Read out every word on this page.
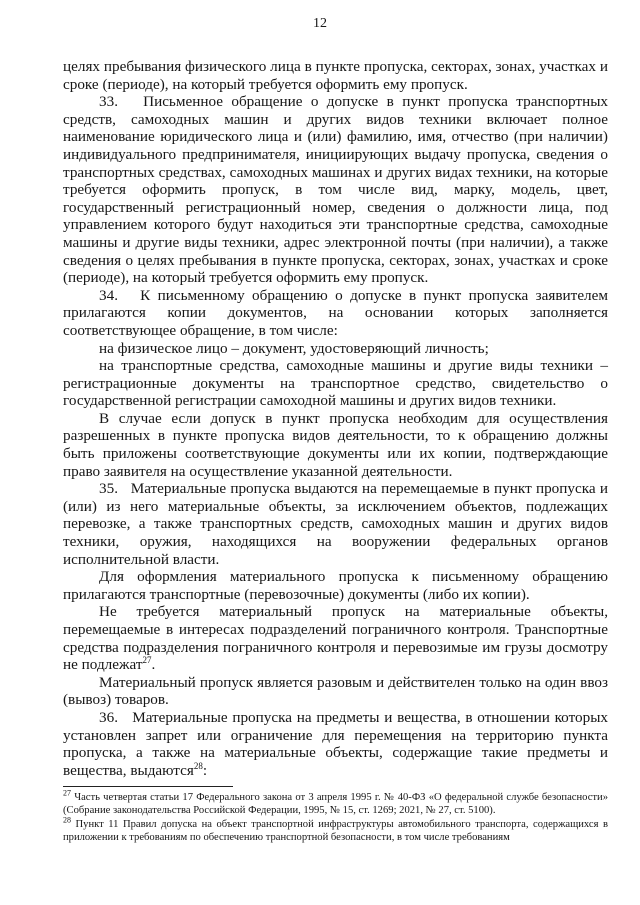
12

целях пребывания физического лица в пункте пропуска, секторах, зонах, участках и сроке (периоде), на который требуется оформить ему пропуск.

33.   Письменное обращение о допуске в пункт пропуска транспортных средств, самоходных машин и других видов техники включает полное наименование юридического лица и (или) фамилию, имя, отчество (при наличии) индивидуального предпринимателя, инициирующих выдачу пропуска, сведения о транспортных средствах, самоходных машинах и других видах техники, на которые требуется оформить пропуск, в том числе вид, марку, модель, цвет, государственный регистрационный номер, сведения о должности лица, под управлением которого будут находиться эти транспортные средства, самоходные машины и другие виды техники, адрес электронной почты (при наличии), а также сведения о целях пребывания в пункте пропуска, секторах, зонах, участках и сроке (периоде), на который требуется оформить ему пропуск.

34.   К письменному обращению о допуске в пункт пропуска заявителем прилагаются копии документов, на основании которых заполняется соответствующее обращение, в том числе:

на физическое лицо – документ, удостоверяющий личность;

на транспортные средства, самоходные машины и другие виды техники – регистрационные документы на транспортное средство, свидетельство о государственной регистрации самоходной машины и других видов техники.

В случае если допуск в пункт пропуска необходим для осуществления разрешенных в пункте пропуска видов деятельности, то к обращению должны быть приложены соответствующие документы или их копии, подтверждающие право заявителя на осуществление указанной деятельности.

35.   Материальные пропуска выдаются на перемещаемые в пункт пропуска и (или) из него материальные объекты, за исключением объектов, подлежащих перевозке, а также транспортных средств, самоходных машин и других видов техники, оружия, находящихся на вооружении федеральных органов исполнительной власти.

Для оформления материального пропуска к письменному обращению прилагаются транспортные (перевозочные) документы (либо их копии).

Не требуется материальный пропуск на материальные объекты, перемещаемые в интересах подразделений пограничного контроля. Транспортные средства подразделения пограничного контроля и перевозимые им грузы досмотру не подлежат$^{27}$.

Материальный пропуск является разовым и действителен только на один ввоз (вывоз) товаров.

36.   Материальные пропуска на предметы и вещества, в отношении которых установлен запрет или ограничение для перемещения на территорию пункта пропуска, а также на материальные объекты, содержащие такие предметы и вещества, выдаются$^{28}$:

$^{27}$ Часть четвертая статьи 17 Федерального закона от 3 апреля 1995 г. № 40-ФЗ «О федеральной службе безопасности» (Собрание законодательства Российской Федерации, 1995, № 15, ст. 1269; 2021, № 27, ст. 5100).

$^{28}$ Пункт 11 Правил допуска на объект транспортной инфраструктуры автомобильного транспорта, содержащихся в приложении к требованиям по обеспечению транспортной безопасности, в том числе требованиям
